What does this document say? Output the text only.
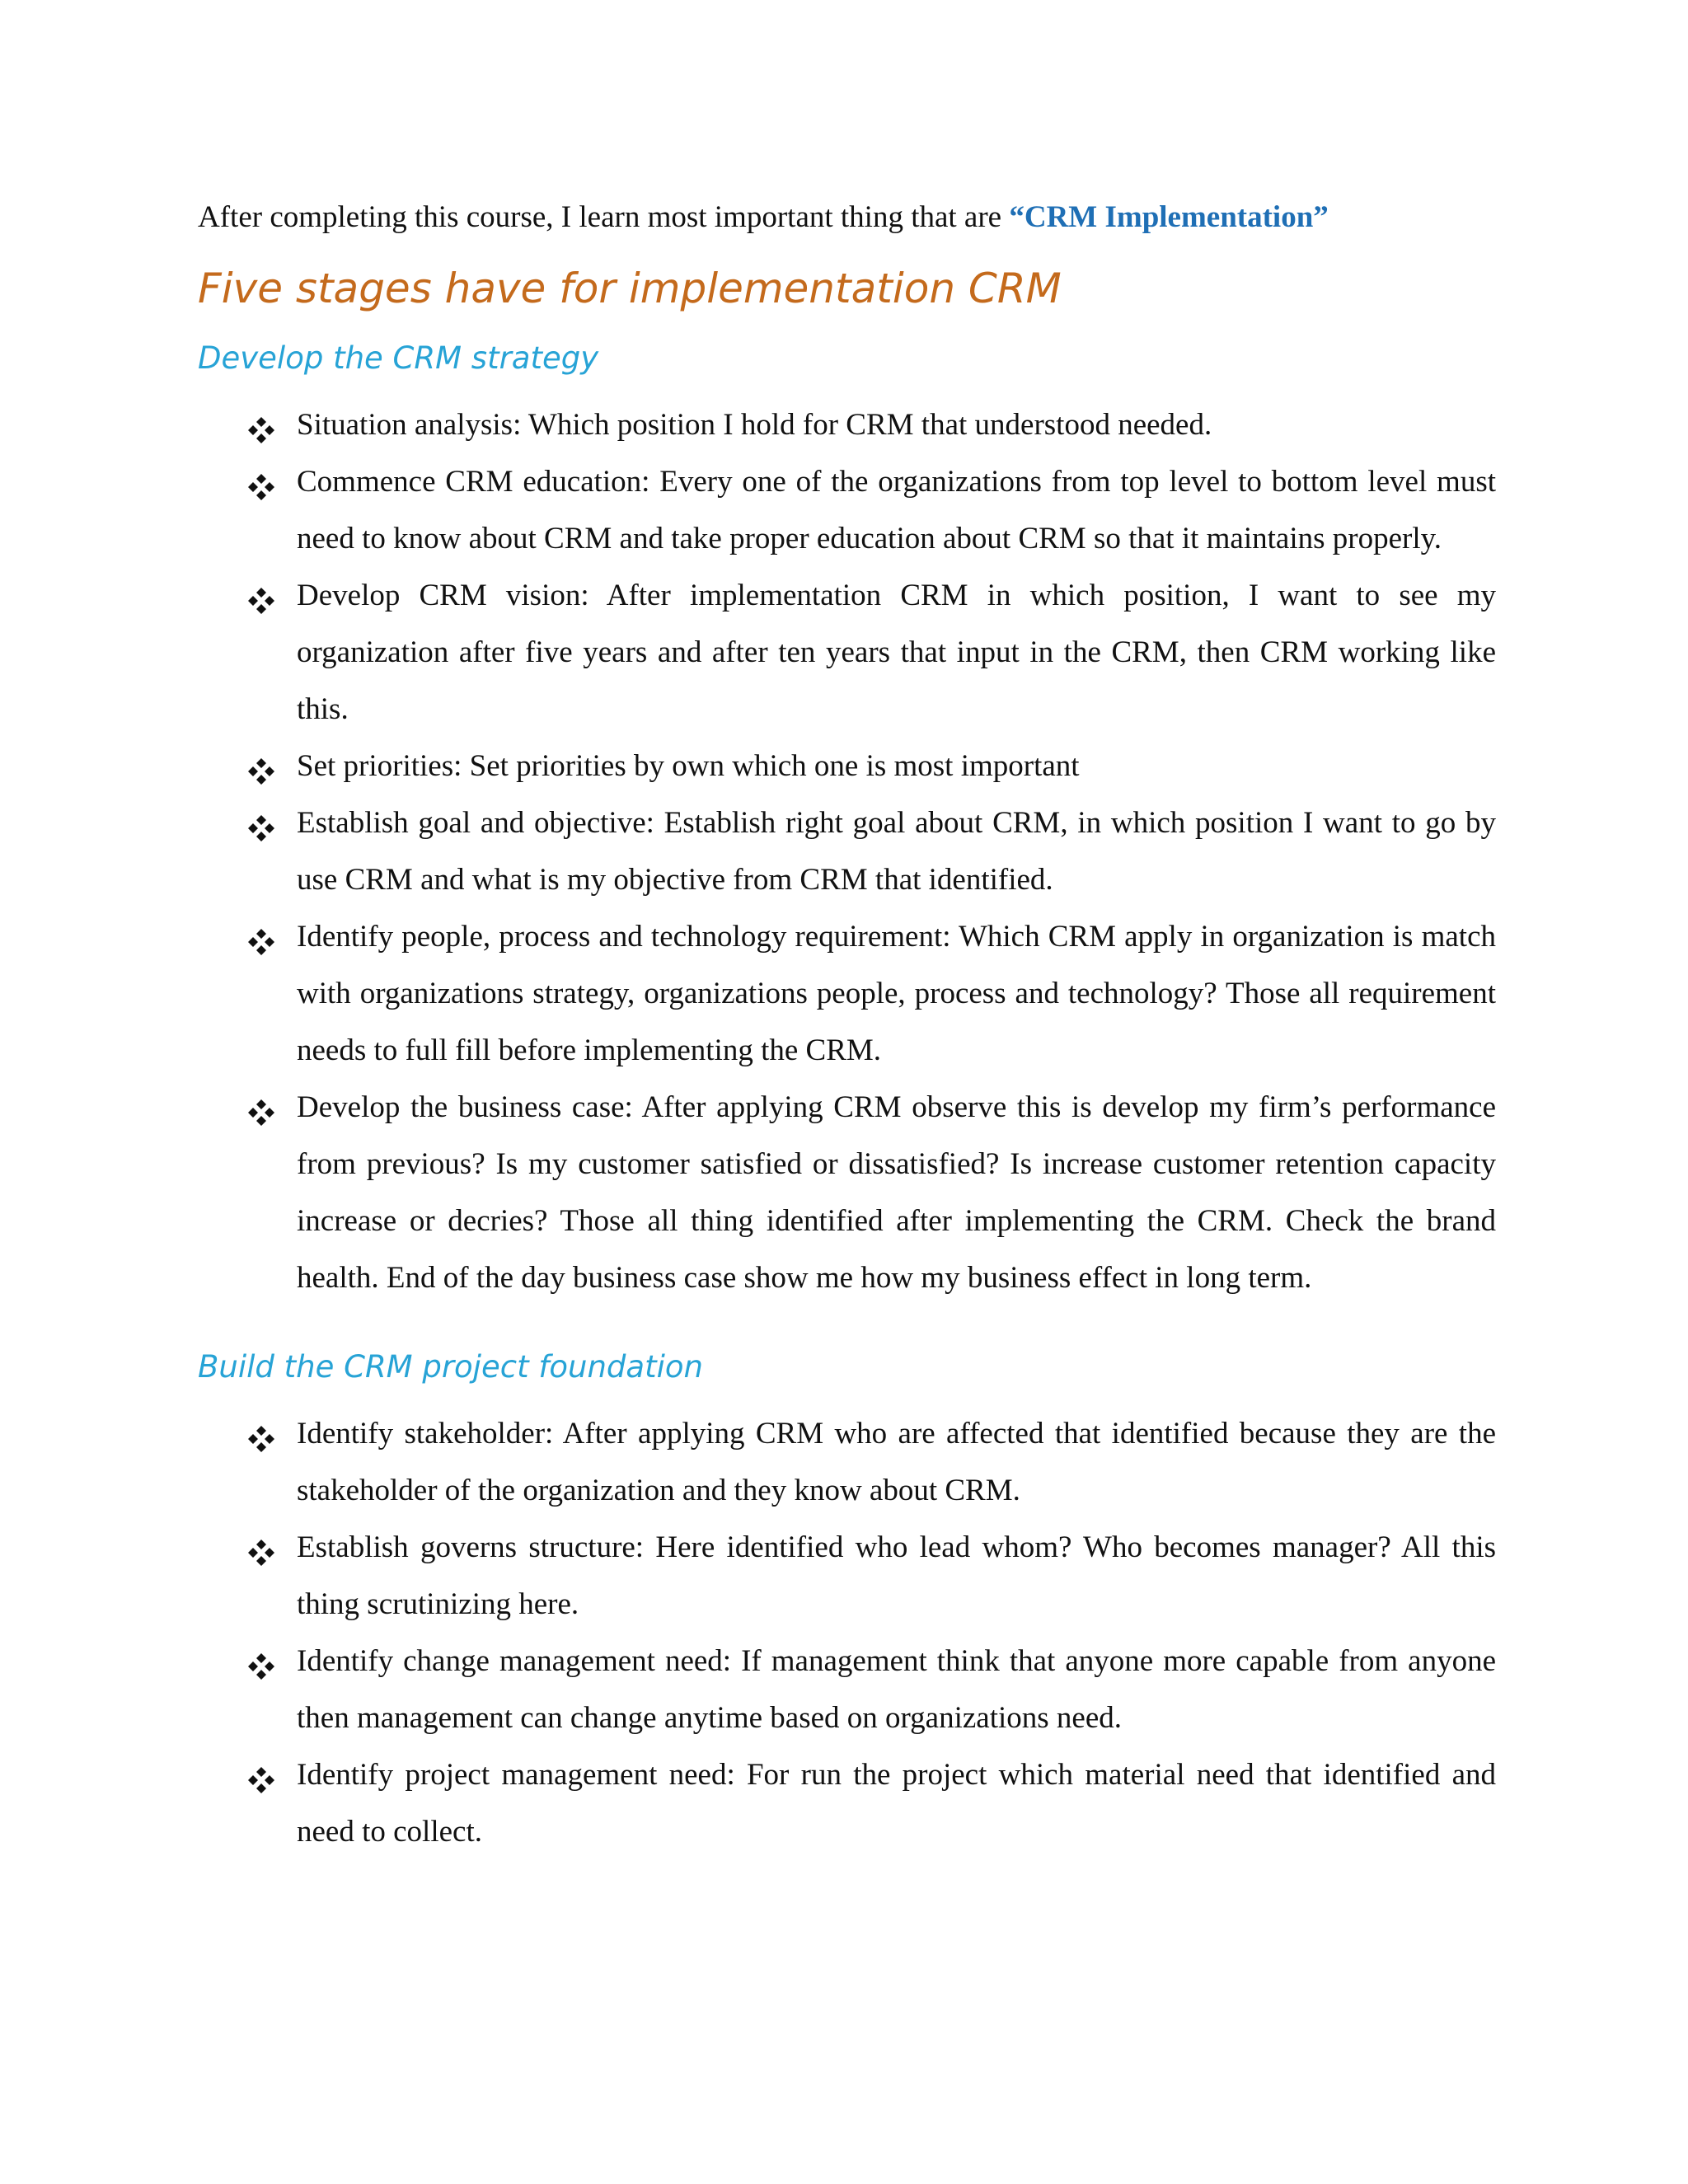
After completing this course, I learn most important thing that are “CRM Implementation”

Five stages have for implementation CRM
Develop the CRM strategy
Situation analysis: Which position I hold for CRM that understood needed.
Commence CRM education: Every one of the organizations from top level to bottom level must need to know about CRM and take proper education about CRM so that it maintains properly.
Develop CRM vision: After implementation CRM in which position, I want to see my organization after five years and after ten years that input in the CRM, then CRM working like this.
Set priorities: Set priorities by own which one is most important
Establish goal and objective: Establish right goal about CRM, in which position I want to go by use CRM and what is my objective from CRM that identified.
Identify people, process and technology requirement: Which CRM apply in organization is match with organizations strategy, organizations people, process and technology? Those all requirement needs to full fill before implementing the CRM.
Develop the business case: After applying CRM observe this is develop my firm’s performance from previous? Is my customer satisfied or dissatisfied? Is increase customer retention capacity increase or decries? Those all thing identified after implementing the CRM. Check the brand health. End of the day business case show me how my business effect in long term.
Build the CRM project foundation
Identify stakeholder: After applying CRM who are affected that identified because they are the stakeholder of the organization and they know about CRM.
Establish governs structure: Here identified who lead whom? Who becomes manager? All this thing scrutinizing here.
Identify change management need: If management think that anyone more capable from anyone then management can change anytime based on organizations need.
Identify project management need: For run the project which material need that identified and need to collect.
